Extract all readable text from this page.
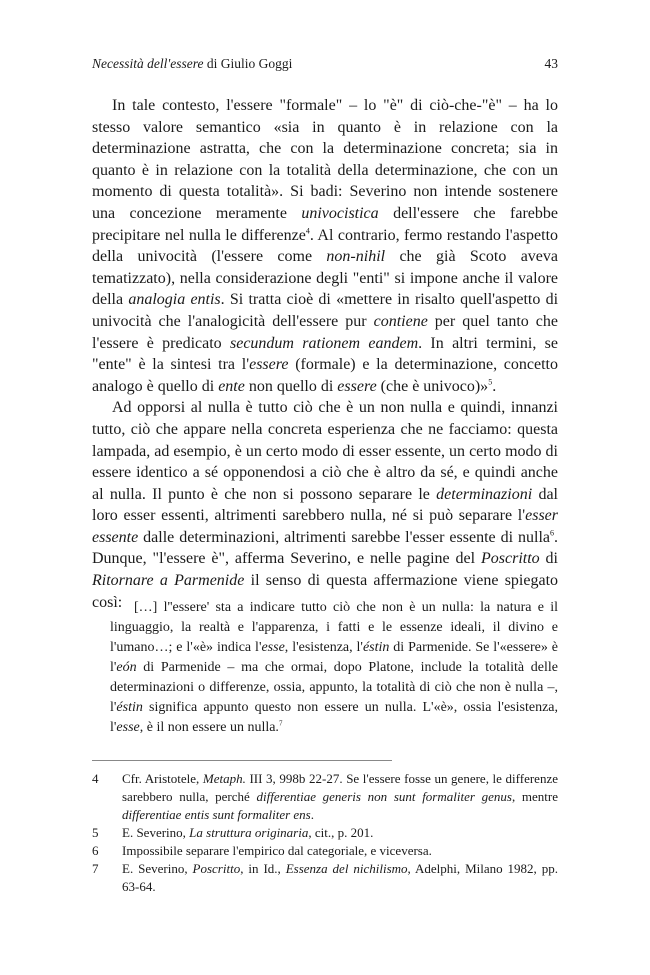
Necessità dell'essere di Giulio Goggi	43

In tale contesto, l'essere "formale" – lo "è" di ciò-che-"è" – ha lo stesso valore semantico «sia in quanto è in relazione con la determinazione astratta, che con la determinazione concreta; sia in quanto è in relazione con la totalità della determinazione, che con un momento di questa totalità». Si badi: Severino non intende sostenere una concezione meramente univocistica dell'essere che farebbe precipitare nel nulla le differenze$^4$. Al contrario, fermo restando l'aspetto della univocità (l'essere come non-nihil che già Scoto aveva tematizzato), nella considerazione degli "enti" si impone anche il valore della analogia entis. Si tratta cioè di «mettere in risalto quell'aspetto di univocità che l'analogicità dell'essere pur contiene per quel tanto che l'essere è predicato secundum rationem eandem. In altri termini, se "ente" è la sintesi tra l'essere (formale) e la determinazione, concetto analogo è quello di ente non quello di essere (che è univoco)»$^5$.

Ad opporsi al nulla è tutto ciò che è un non nulla e quindi, innanzi tutto, ciò che appare nella concreta esperienza che ne facciamo: questa lampada, ad esempio, è un certo modo di esser essente, un certo modo di essere identico a sé opponendosi a ciò che è altro da sé, e quindi anche al nulla. Il punto è che non si possono separare le determinazioni dal loro esser essenti, altrimenti sarebbero nulla, né si può separare l'esser essente dalle determinazioni, altrimenti sarebbe l'esser essente di nulla$^6$. Dunque, "l'essere è", afferma Severino, e nelle pagine del Poscritto di Ritornare a Parmenide il senso di questa affermazione viene spiegato così: […] l''essere' sta a indicare tutto ciò che non è un nulla: la natura e il linguaggio, la realtà e l'apparenza, i fatti e le essenze ideali, il divino e l'umano…; e l'«è» indica l'esse, l'esistenza, l'éstin di Parmenide. Se l'«essere» è l'eón di Parmenide – ma che ormai, dopo Platone, include la totalità delle determinazioni o differenze, ossia, appunto, la totalità di ciò che non è nulla –, l'éstin significa appunto questo non essere un nulla. L'«è», ossia l'esistenza, l'esse, è il non essere un nulla.$^7$

4 Cfr. Aristotele, Metaph. III 3, 998b 22-27. Se l'essere fosse un genere, le differenze sarebbero nulla, perché differentiae generis non sunt formaliter genus, mentre differentiae entis sunt formaliter ens.
5 E. Severino, La struttura originaria, cit., p. 201.
6 Impossibile separare l'empirico dal categoriale, e viceversa.
7 E. Severino, Poscritto, in Id., Essenza del nichilismo, Adelphi, Milano 1982, pp. 63-64.
